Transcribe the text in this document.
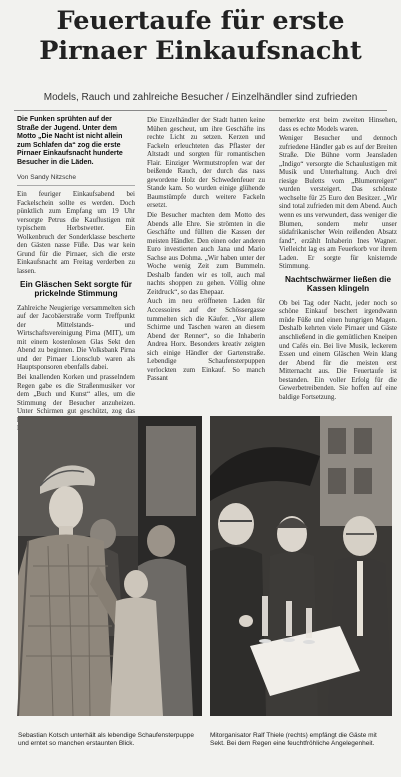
Feuertaufe für erste
Pirnaer Einkaufsnacht
Models, Rauch und zahlreiche Besucher / Einzelhändler sind zufrieden

Die Funken sprühten auf der Straße der Jugend. Unter dem Motto „Die Nacht ist nicht allein zum Schlafen da“ zog die erste Pirnaer Einkaufsnacht hunderte Besucher in die Läden.

Von Sandy Nitzsche

Ein feuriger Einkaufsabend bei Fackelschein sollte es werden. Doch pünktlich zum Empfang um 19 Uhr versorgte Petrus die Kauflustigen mit typischem Herbstwetter. Ein Wolkenbruch der Sonderklasse bescherte den Gästen nasse Füße. Das war kein Grund für die Pirnaer, sich die erste Einkaufsnacht am Freitag verderben zu lassen.

Ein Gläschen Sekt sorgte für prickelnde Stimmung

Zahlreiche Neugierige versammelten sich auf der Jacobäerstraße vorm Treffpunkt der Mittelstands- und Wirtschaftsvereinigung Pirna (MIT), um mit einem kostenlosen Glas Sekt den Abend zu beginnen. Die Volksbank Pirna und der Pirnaer Lionsclub waren als Hauptsponsoren ebenfalls dabei.

Bei knallenden Korken und prasselndem Regen gabe es die Straßenmusiker vor dem „Buch und Kunst“ alles, um die Stimmung der Besucher anzuheizen. Unter Schirmen gut geschützt, zog das

Die Einzelhändler der Stadt hatten keine Mühen gescheut, um ihre Geschäfte ins rechte Licht zu setzen. Kerzen und Fackeln erleuchteten das Pflaster der Altstadt und sorgten für romantischen Flair. Einziger Wermutstropfen war der beißende Rauch, der durch das nass gewordene Holz der Schwedenfeuer zu Stande kam. So wurden einige glühende Baumstümpfe durch weitere Fackeln ersetzt.

Die Besucher machten dem Motto des Abends alle Ehre. Sie strömten in die Geschäfte und füllten die Kassen der meisten Händler. Den einen oder anderen Euro investierten auch Jana und Mario Sachse aus Dohma. „Wir haben unter der Woche wenig Zeit zum Bummeln. Deshalb fanden wir es toll, auch mal nachts shoppen zu gehen. Völlig ohne Zeitdruck“, so das Ehepaar.

Auch im neu eröffneten Laden für Accessoires auf der Schössergasse tummelten sich die Käufer. „Vor allem Schirme und Taschen waren an diesem Abend der Renner“, so die Inhaberin Andrea Horx. Besonders kreativ zeigten sich einige Händler der Gartenstraße. Lebendige Schaufensterpuppen verlockten zum Einkauf. So manch Passant

bemerkte erst beim zweiten Hinsehen, dass es echte Models waren.

Weniger Besucher und dennoch zufriedene Händler gab es auf der Breiten Straße. Die Bühne vorm Jeansladen „Indigo“ versorgte die Schaulustigen mit Musik und Unterhaltung. Auch drei riesige Buletts vom „Blumenreigen“ wurden versteigert. Das schönste wechselte für 25 Euro den Besitzer. „Wir sind total zufrieden mit dem Abend. Auch wenn es uns verwundert, dass weniger die Blumen, sondern mehr unser südafrikanischer Wein reißenden Absatz fand“, erzählt Inhaberin Ines Wagner. Vielleicht lag es am Feuerkorb vor ihrem Laden. Er sorgte für knisternde Stimmung.

Nachtschwärmer ließen die Kassen klingeln

Ob bei Tag oder Nacht, jeder noch so schöne Einkauf beschert irgendwann müde Füße und einen hungrigen Magen. Deshalb kehrten viele Pirnaer und Gäste anschließend in die gemütlichen Kneipen und Cafés ein. Bei live Musik, leckerem Essen und einem Gläschen Wein klang der Abend für die meisten erst Mitternacht aus. Die Feuertaufe ist bestanden. Ein voller Erfolg für die Gewerbetreibenden. Sie hoffen auf eine baldige Fortsetzung.

Sebastian Kotsch unterhält als lebendige Schaufensterpuppe und erntet so manchen erstaunten Blick.
Mitorganisator Ralf Thiele (rechts) empfängt die Gäste mit Sekt. Bei dem Regen eine feuchtfröhliche Angelegenheit.
